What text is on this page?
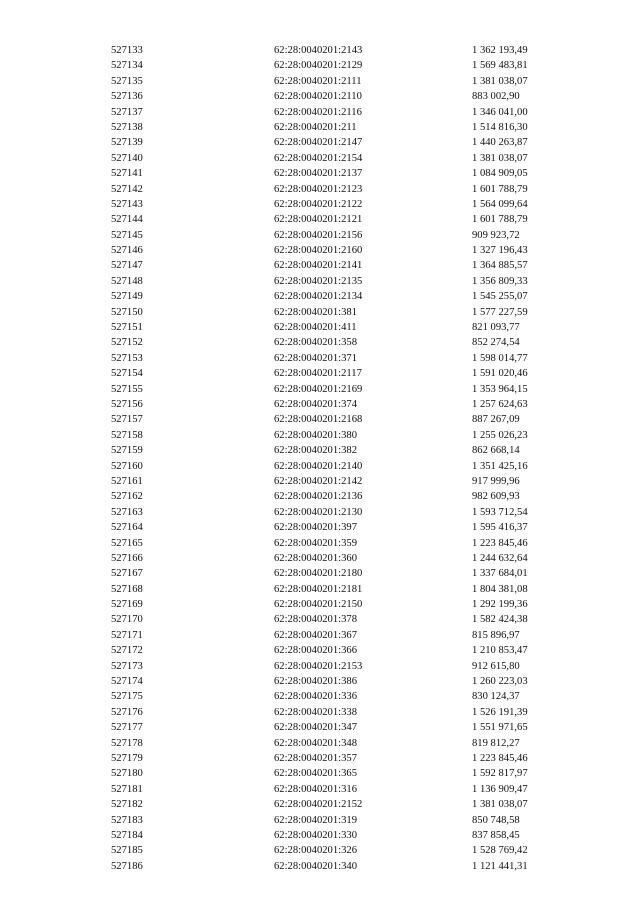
527133	62:28:0040201:2143	1 362 193,49
527134	62:28:0040201:2129	1 569 483,81
527135	62:28:0040201:2111	1 381 038,07
527136	62:28:0040201:2110	883 002,90
527137	62:28:0040201:2116	1 346 041,00
527138	62:28:0040201:211	1 514 816,30
527139	62:28:0040201:2147	1 440 263,87
527140	62:28:0040201:2154	1 381 038,07
527141	62:28:0040201:2137	1 084 909,05
527142	62:28:0040201:2123	1 601 788,79
527143	62:28:0040201:2122	1 564 099,64
527144	62:28:0040201:2121	1 601 788,79
527145	62:28:0040201:2156	909 923,72
527146	62:28:0040201:2160	1 327 196,43
527147	62:28:0040201:2141	1 364 885,57
527148	62:28:0040201:2135	1 356 809,33
527149	62:28:0040201:2134	1 545 255,07
527150	62:28:0040201:381	1 577 227,59
527151	62:28:0040201:411	821 093,77
527152	62:28:0040201:358	852 274,54
527153	62:28:0040201:371	1 598 014,77
527154	62:28:0040201:2117	1 591 020,46
527155	62:28:0040201:2169	1 353 964,15
527156	62:28:0040201:374	1 257 624,63
527157	62:28:0040201:2168	887 267,09
527158	62:28:0040201:380	1 255 026,23
527159	62:28:0040201:382	862 668,14
527160	62:28:0040201:2140	1 351 425,16
527161	62:28:0040201:2142	917 999,96
527162	62:28:0040201:2136	982 609,93
527163	62:28:0040201:2130	1 593 712,54
527164	62:28:0040201:397	1 595 416,37
527165	62:28:0040201:359	1 223 845,46
527166	62:28:0040201:360	1 244 632,64
527167	62:28:0040201:2180	1 337 684,01
527168	62:28:0040201:2181	1 804 381,08
527169	62:28:0040201:2150	1 292 199,36
527170	62:28:0040201:378	1 582 424,38
527171	62:28:0040201:367	815 896,97
527172	62:28:0040201:366	1 210 853,47
527173	62:28:0040201:2153	912 615,80
527174	62:28:0040201:386	1 260 223,03
527175	62:28:0040201:336	830 124,37
527176	62:28:0040201:338	1 526 191,39
527177	62:28:0040201:347	1 551 971,65
527178	62:28:0040201:348	819 812,27
527179	62:28:0040201:357	1 223 845,46
527180	62:28:0040201:365	1 592 817,97
527181	62:28:0040201:316	1 136 909,47
527182	62:28:0040201:2152	1 381 038,07
527183	62:28:0040201:319	850 748,58
527184	62:28:0040201:330	837 858,45
527185	62:28:0040201:326	1 528 769,42
527186	62:28:0040201:340	1 121 441,31
